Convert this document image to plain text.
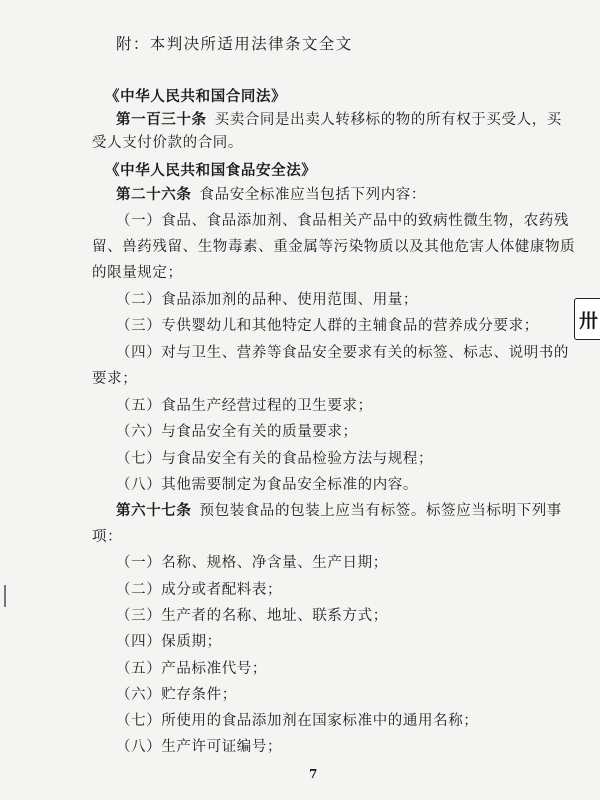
附：本判决所适用法律条文全文
《中华人民共和国合同法》
第一百三十条 买卖合同是出卖人转移标的物的所有权于买受人，买
受人支付价款的合同。
《中华人民共和国食品安全法》
第二十六条 食品安全标准应当包括下列内容：
（一）食品、食品添加剂、食品相关产品中的致病性微生物，农药残
留、兽药残留、生物毒素、重金属等污染物质以及其他危害人体健康物质
的限量规定；
（二）食品添加剂的品种、使用范围、用量；
（三）专供婴幼儿和其他特定人群的主辅食品的营养成分要求；
（四）对与卫生、营养等食品安全要求有关的标签、标志、说明书的
要求；
（五）食品生产经营过程的卫生要求；
（六）与食品安全有关的质量要求；
（七）与食品安全有关的食品检验方法与规程；
（八）其他需要制定为食品安全标准的内容。
第六十七条 预包装食品的包装上应当有标签。标签应当标明下列事
项：
（一）名称、规格、净含量、生产日期；
（二）成分或者配料表；
（三）生产者的名称、地址、联系方式；
（四）保质期；
（五）产品标准代号；
（六）贮存条件；
（七）所使用的食品添加剂在国家标准中的通用名称；
（八）生产许可证编号；
7
卅
